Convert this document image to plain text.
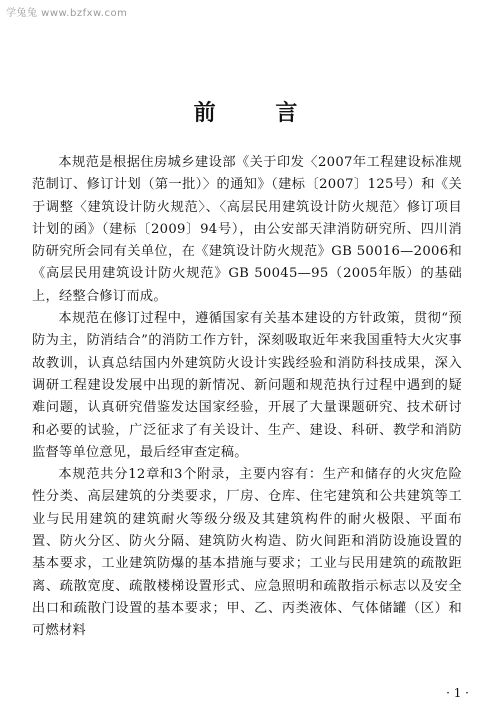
学兔兔 www.bzfxw.com
前 言

本规范是根据住房城乡建设部《关于印发〈2007年工程建设标准规范制订、修订计划（第一批）〉的通知》（建标〔2007〕125号）和《关于调整〈建筑设计防火规范〉、〈高层民用建筑设计防火规范〉修订项目计划的函》（建标〔2009〕94号），由公安部天津消防研究所、四川消防研究所会同有关单位，在《建筑设计防火规范》GB 50016—2006和《高层民用建筑设计防火规范》GB 50045—95（2005年版）的基础上，经整合修订而成。

本规范在修订过程中，遵循国家有关基本建设的方针政策，贯彻“预防为主，防消结合”的消防工作方针，深刻吸取近年来我国重特大火灾事故教训，认真总结国内外建筑防火设计实践经验和消防科技成果，深入调研工程建设发展中出现的新情况、新问题和规范执行过程中遇到的疑难问题，认真研究借鉴发达国家经验，开展了大量课题研究、技术研讨和必要的试验，广泛征求了有关设计、生产、建设、科研、教学和消防监督等单位意见，最后经审查定稿。

本规范共分12章和3个附录，主要内容有：生产和储存的火灾危险性分类、高层建筑的分类要求，厂房、仓库、住宅建筑和公共建筑等工业与民用建筑的建筑耐火等级分级及其建筑构件的耐火极限、平面布置、防火分区、防火分隔、建筑防火构造、防火间距和消防设施设置的基本要求，工业建筑防爆的基本措施与要求；工业与民用建筑的疏散距离、疏散宽度、疏散楼梯设置形式、应急照明和疏散指示标志以及安全出口和疏散门设置的基本要求；甲、乙、丙类液体、气体储罐（区）和可燃材料

· 1 ·
